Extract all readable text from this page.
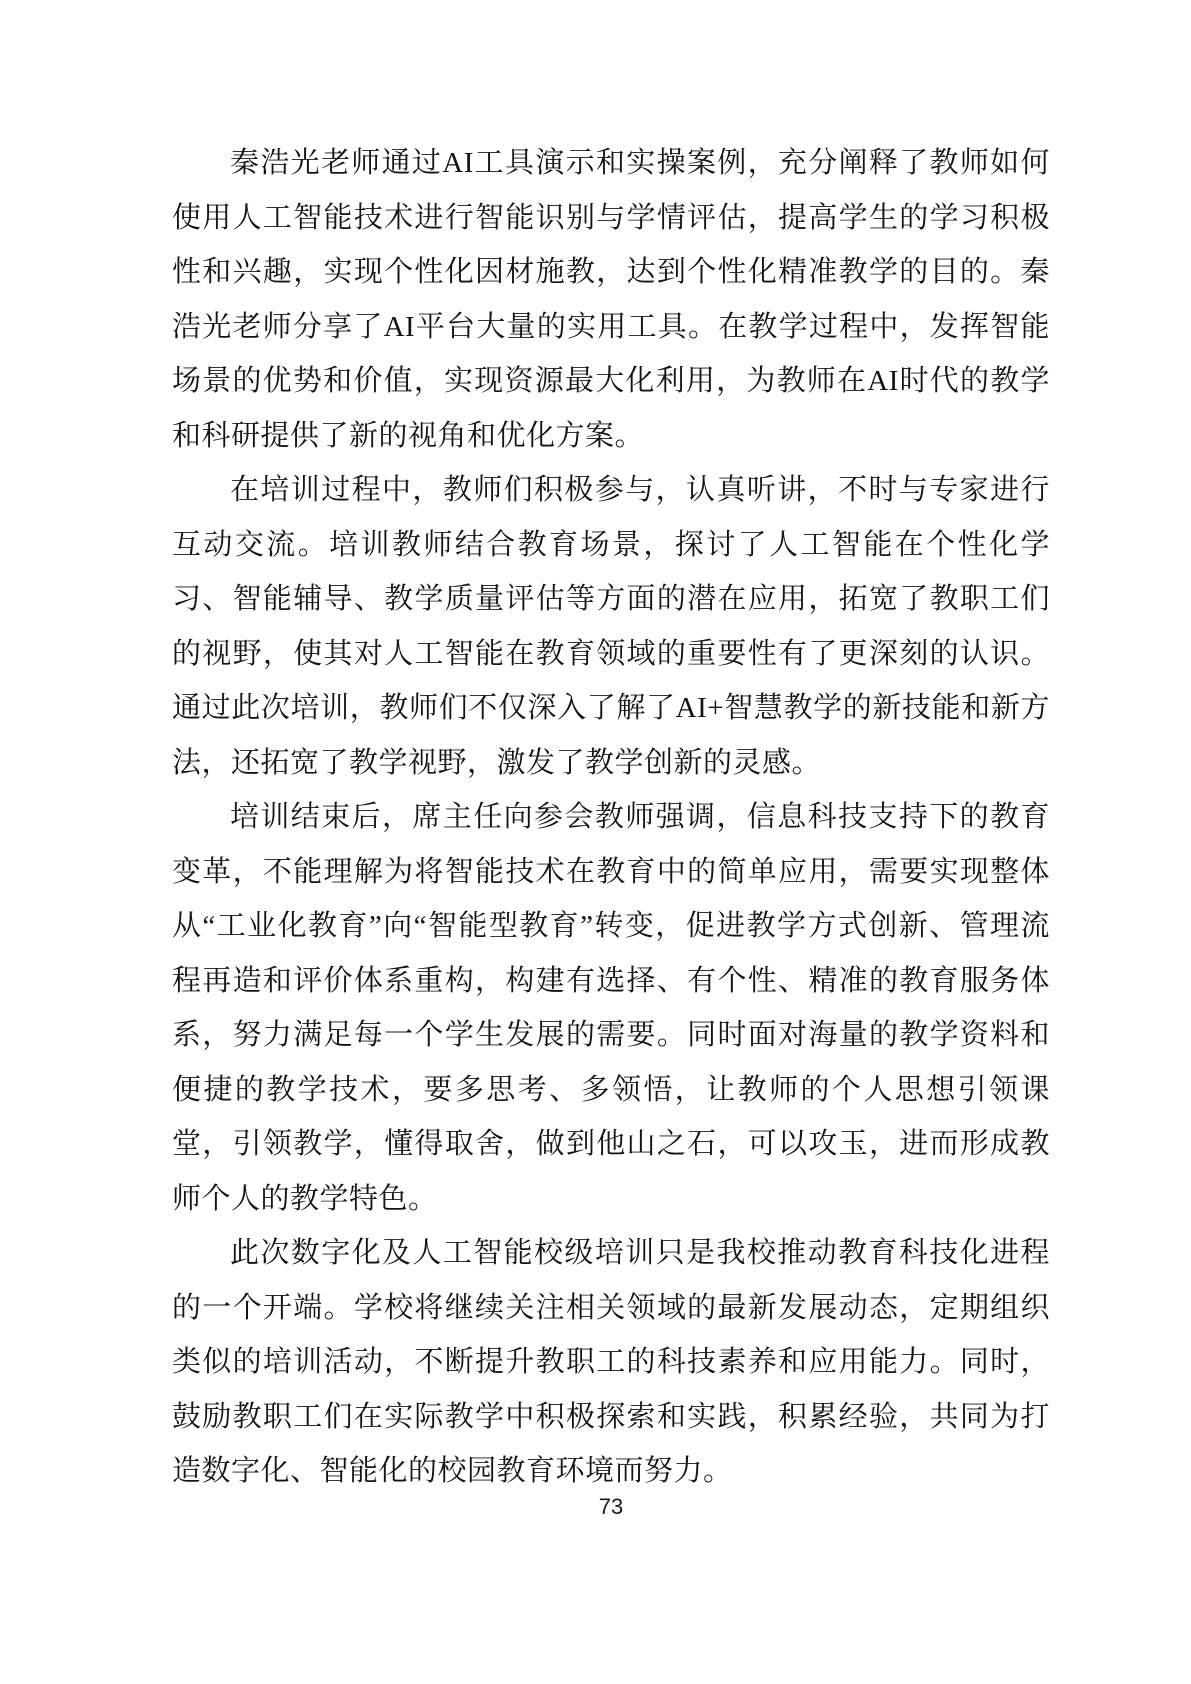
秦浩光老师通过AI工具演示和实操案例，充分阐释了教师如何使用人工智能技术进行智能识别与学情评估，提高学生的学习积极性和兴趣，实现个性化因材施教，达到个性化精准教学的目的。秦浩光老师分享了AI平台大量的实用工具。在教学过程中，发挥智能场景的优势和价值，实现资源最大化利用，为教师在AI时代的教学和科研提供了新的视角和优化方案。

在培训过程中，教师们积极参与，认真听讲，不时与专家进行互动交流。培训教师结合教育场景，探讨了人工智能在个性化学习、智能辅导、教学质量评估等方面的潜在应用，拓宽了教职工们的视野，使其对人工智能在教育领域的重要性有了更深刻的认识。通过此次培训，教师们不仅深入了解了AI+智慧教学的新技能和新方法，还拓宽了教学视野，激发了教学创新的灵感。

培训结束后，席主任向参会教师强调，信息科技支持下的教育变革，不能理解为将智能技术在教育中的简单应用，需要实现整体从“工业化教育”向“智能型教育”转变，促进教学方式创新、管理流程再造和评价体系重构，构建有选择、有个性、精准的教育服务体系，努力满足每一个学生发展的需要。同时面对海量的教学资料和便捷的教学技术，要多思考、多领悟，让教师的个人思想引领课堂，引领教学，懂得取舍，做到他山之石，可以攻玉，进而形成教师个人的教学特色。

此次数字化及人工智能校级培训只是我校推动教育科技化进程的一个开端。学校将继续关注相关领域的最新发展动态，定期组织类似的培训活动，不断提升教职工的科技素养和应用能力。同时，鼓励教职工们在实际教学中积极探索和实践，积累经验，共同为打造数字化、智能化的校园教育环境而努力。

73
